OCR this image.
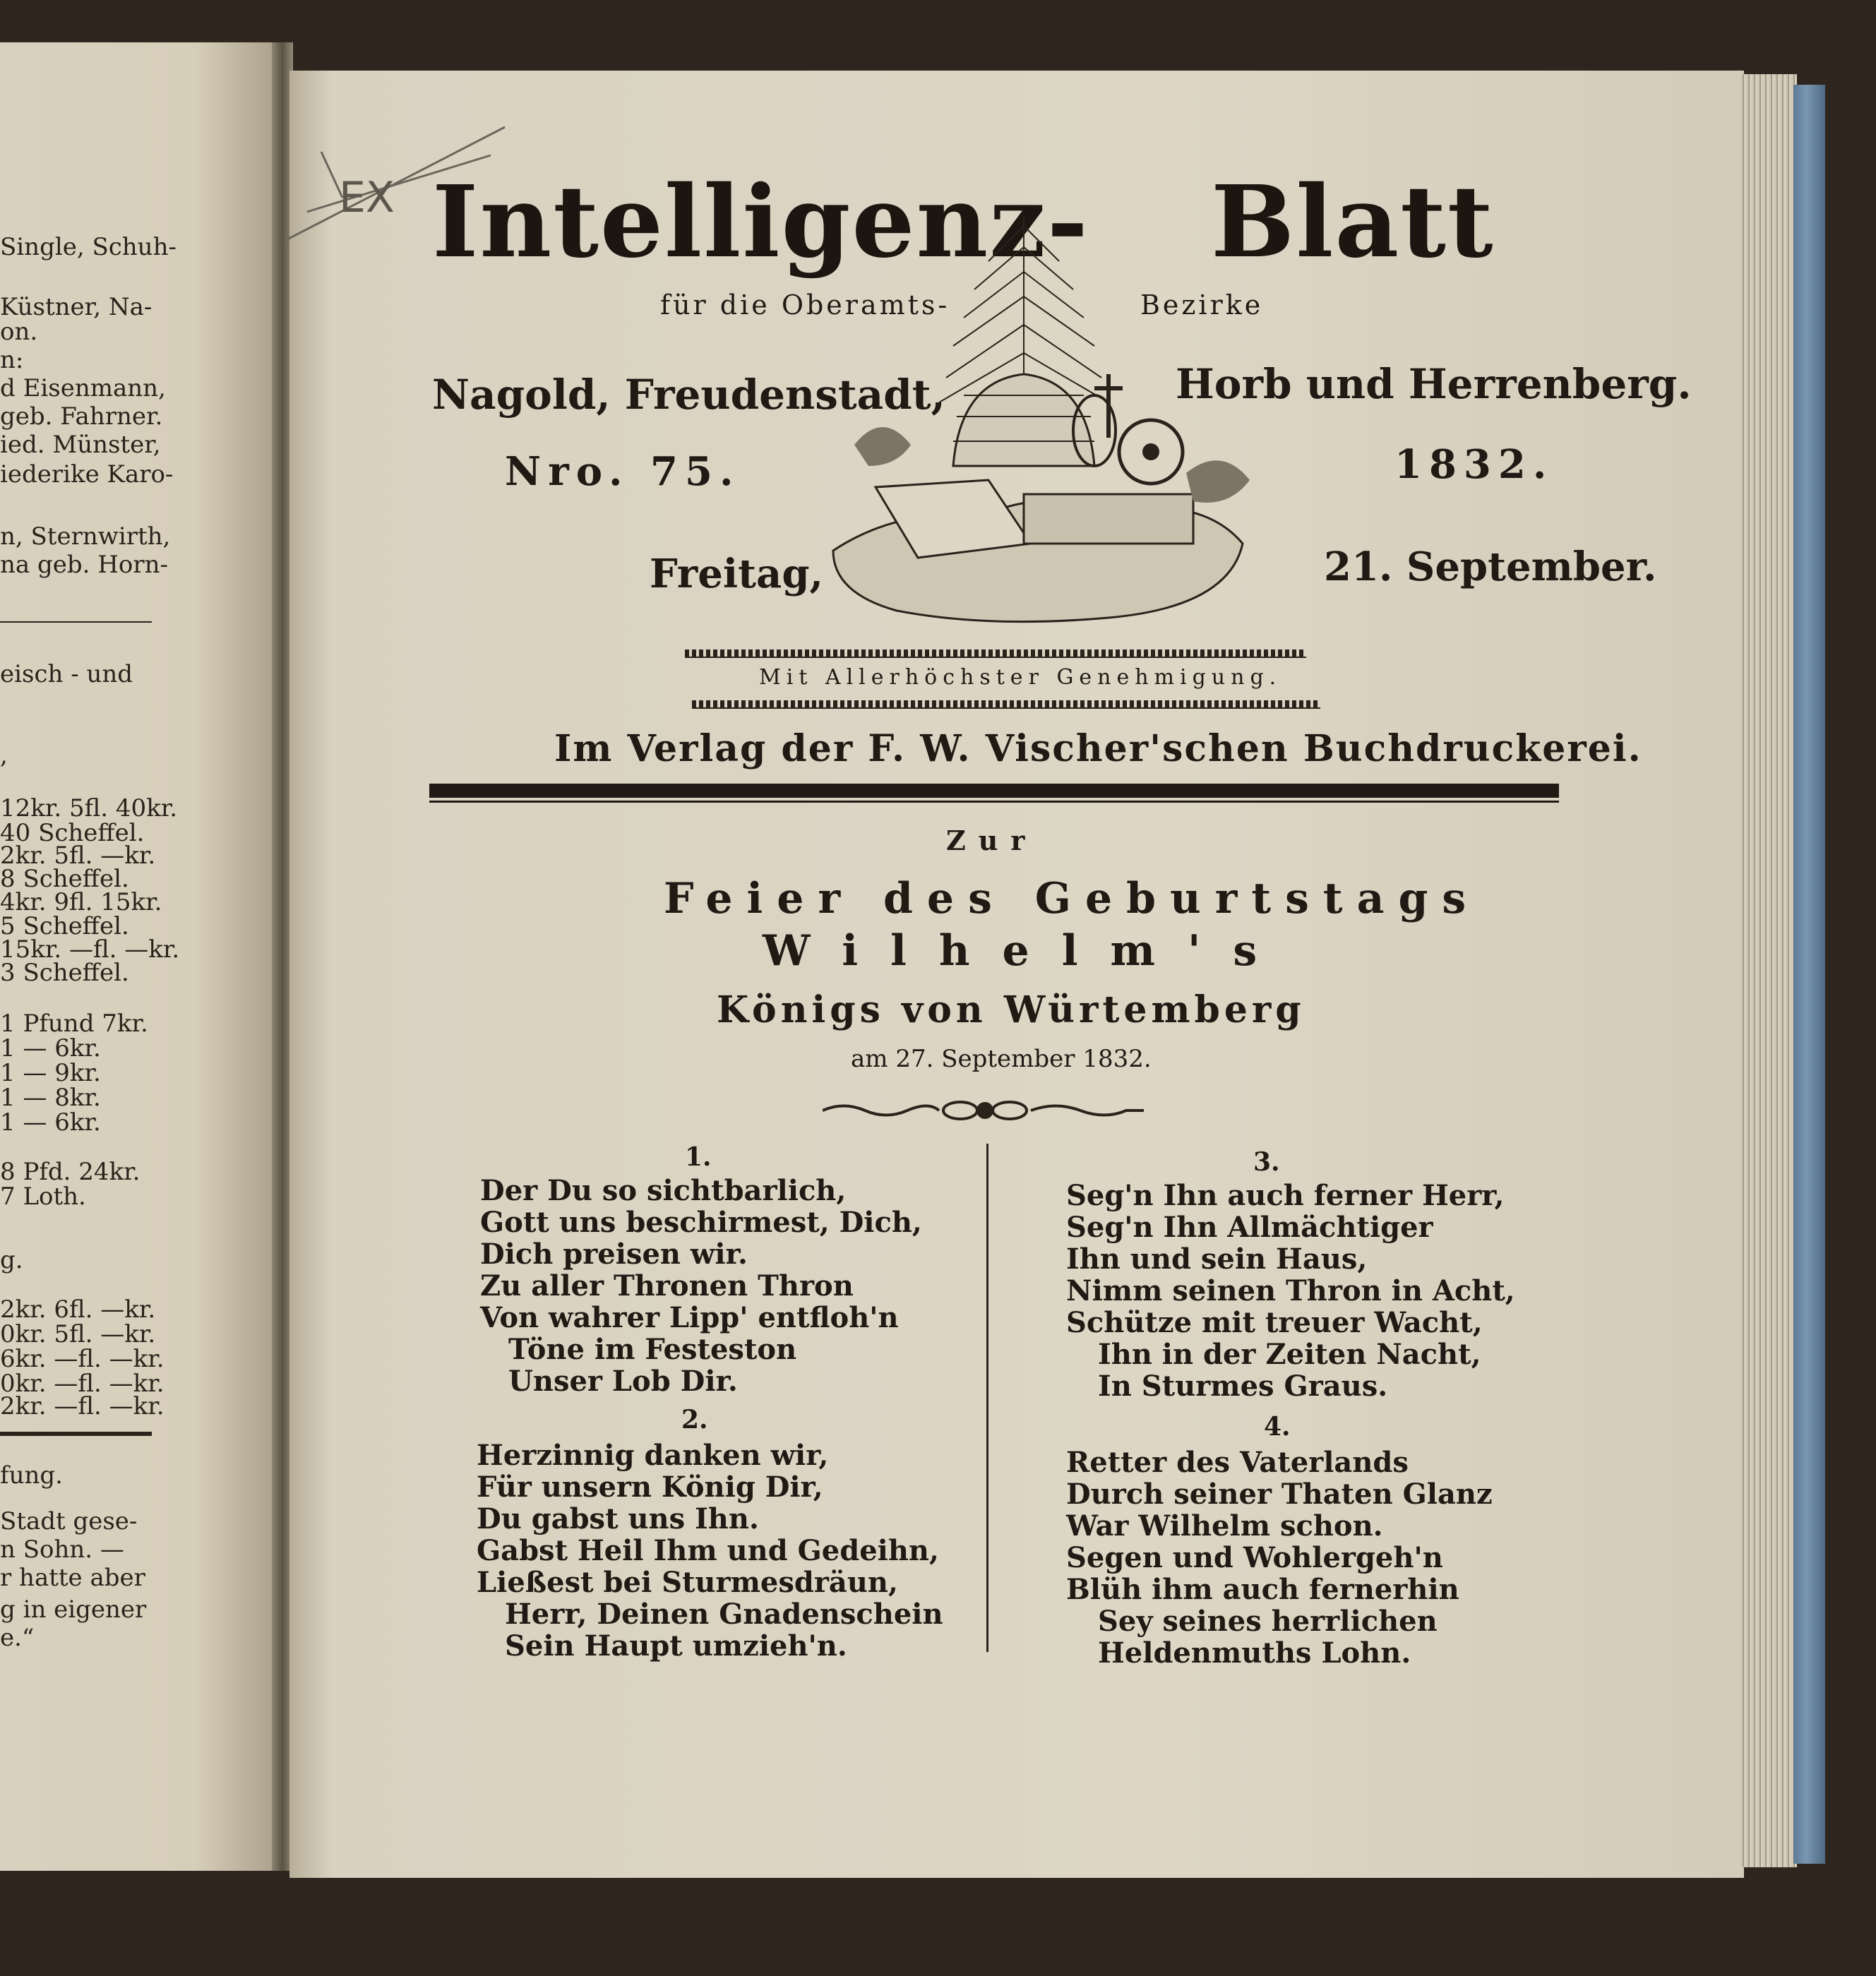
Single, Schuh-
Küstner, Na-
on.
n:
d Eisenmann,
geb. Fahrner.
ied. Münster,
iederike Karo-
n, Sternwirth,
na geb. Horn-
eisch - und
,
12kr. 5fl. 40kr.
40 Scheffel.
2kr. 5fl. —kr.
8 Scheffel.
4kr. 9fl. 15kr.
5 Scheffel.
15kr. —fl. —kr.
3 Scheffel.
1 Pfund 7kr.
1 — 6kr.
1 — 9kr.
1 — 8kr.
1 — 6kr.
8 Pfd. 24kr.
7 Loth.
g.
2kr. 6fl. —kr.
0kr. 5fl. —kr.
6kr. —fl. —kr.
0kr. —fl. —kr.
2kr. —fl. —kr.
fung.
Stadt gese-
n Sohn. —
r hatte aber
g in eigener
e.“
EX Intelligenz- Blatt
für die Oberamts-	Bezirke
Nagold, Freudenstadt,	Horb und Herrenberg.
Nro. 75.	1832.
Freitag,	21. September.
Mit Allerhöchster Genehmigung.
Im Verlag der F. W. Vischer'schen Buchdruckerei.
Zur
Feier des Geburtstags
Wilhelm's
Königs von Würtemberg
am 27. September 1832.
1.
Der Du so sichtbarlich,
Gott uns beschirmest, Dich,
Dich preisen wir.
Zu aller Thronen Thron
Von wahrer Lipp' entfloh'n
Töne im Festeston
Unser Lob Dir.
2.
Herzinnig danken wir,
Für unsern König Dir,
Du gabst uns Ihn.
Gabst Heil Ihm und Gedeihn,
Ließest bei Sturmesdräun,
Herr, Deinen Gnadenschein
Sein Haupt umzieh'n.
3.
Seg'n Ihn auch ferner Herr,
Seg'n Ihn Allmächtiger
Ihn und sein Haus,
Nimm seinen Thron in Acht,
Schütze mit treuer Wacht,
Ihn in der Zeiten Nacht,
In Sturmes Graus.
4.
Retter des Vaterlands
Durch seiner Thaten Glanz
War Wilhelm schon.
Segen und Wohlergeh'n
Blüh ihm auch fernerhin
Sey seines herrlichen
Heldenmuths Lohn.
